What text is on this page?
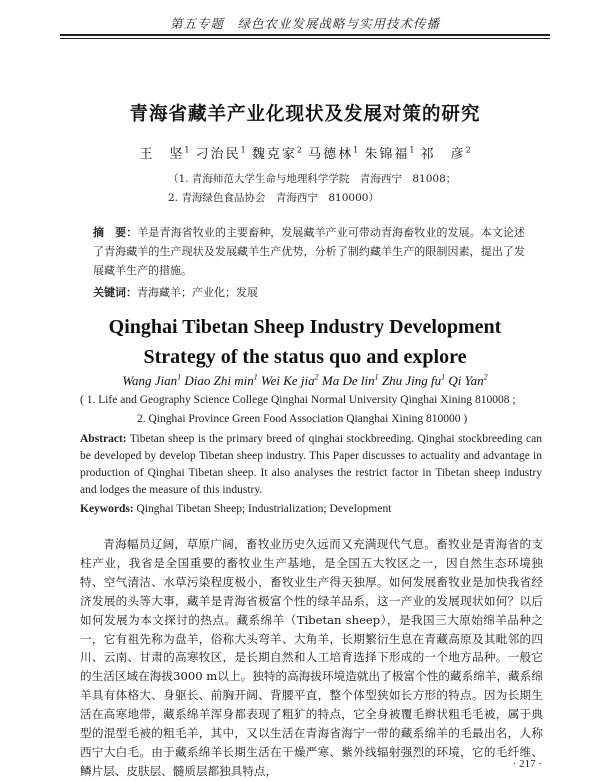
第五专题　绿色农业发展战略与实用技术传播
青海省藏羊产业化现状及发展对策的研究
王　坚$^1$ 刁治民$^1$ 魏克家$^2$ 马德林$^1$ 朱锦福$^1$ 祁　彦$^2$
（1. 青海师范大学生命与地理科学学院　青海西宁　81008；
2. 青海绿色食品协会　青海西宁　810000）
摘　要：羊是青海省牧业的主要畜种，发展藏羊产业可带动青海畜牧业的发展。本文论述了青海藏羊的生产现状及发展藏羊生产优势，分析了制约藏羊生产的限制因素，提出了发展藏羊生产的措施。
关键词：青海藏羊；产业化；发展
Qinghai Tibetan Sheep Industry Development
Strategy of the status quo and explore
Wang Jian$^1$ Diao Zhi $\min^1$ Wei Ke jia$^2$ Ma De lin$^1$ Zhu Jing $fu^1$ Qi Yan$^2$
( 1. Life and Geography Science College Qinghai Normal University Qinghai Xining 810008 ;
2. Qinghai Province Green Food Association Qianghai Xining 810000 )
Abstract: Tibetan sheep is the primary breed of qinghai stockbreeding. Qinghai stockbreeding can be developed by develop Tibetan sheep industry. This Paper discusses to actuality and advantage in production of Qinghai Tibetan sheep. It also analyses the restrict factor in Tibetan sheep industry and lodges the measure of this industry.
Keywords: Qinghai Tibetan Sheep; Industrialization; Development
青海幅员辽阔，草原广阔，畜牧业历史久远而又充满现代气息。畜牧业是青海省的支柱产业，我省是全国重要的畜牧业生产基地，是全国五大牧区之一，因自然生态环境独特、空气清洁、水草污染程度极小，畜牧业生产得天独厚。如何发展畜牧业是加快我省经济发展的头等大事，藏羊是青海省极富个性的绿羊品系，这一产业的发展现状如何？以后如何发展为本文探讨的热点。藏系绵羊（Tibetan sheep），是我国三大原始绵羊品种之一，它有祖先称为盘羊，俗称大头弯羊、大角羊，长期繁衍生息在青藏高原及其毗邻的四川、云南、甘肃的高寒牧区，是长期自然和人工培育选择下形成的一个地方品种。一般它的生活区域在海拔3000 m以上。独特的高海拔环境造就出了极富个性的藏系绵羊，藏系绵羊具有体格大、身躯长、前胸开阔、背腰平直，整个体型狭如长方形的特点。因为长期生活在高寒地带，藏系绵羊浑身都表现了粗犷的特点，它全身被覆毛辫状粗毛毛被，属于典型的混型毛被的粗毛羊，其中，又以生活在青海省海宁一带的藏系绵羊的毛最出名，人称西宁大白毛。由于藏系绵羊长期生活在干燥严寒、紫外线辐射强烈的环境，它的毛纤维、鳞片层、皮肤层、髓质层都独具特点，	· 217 ·
